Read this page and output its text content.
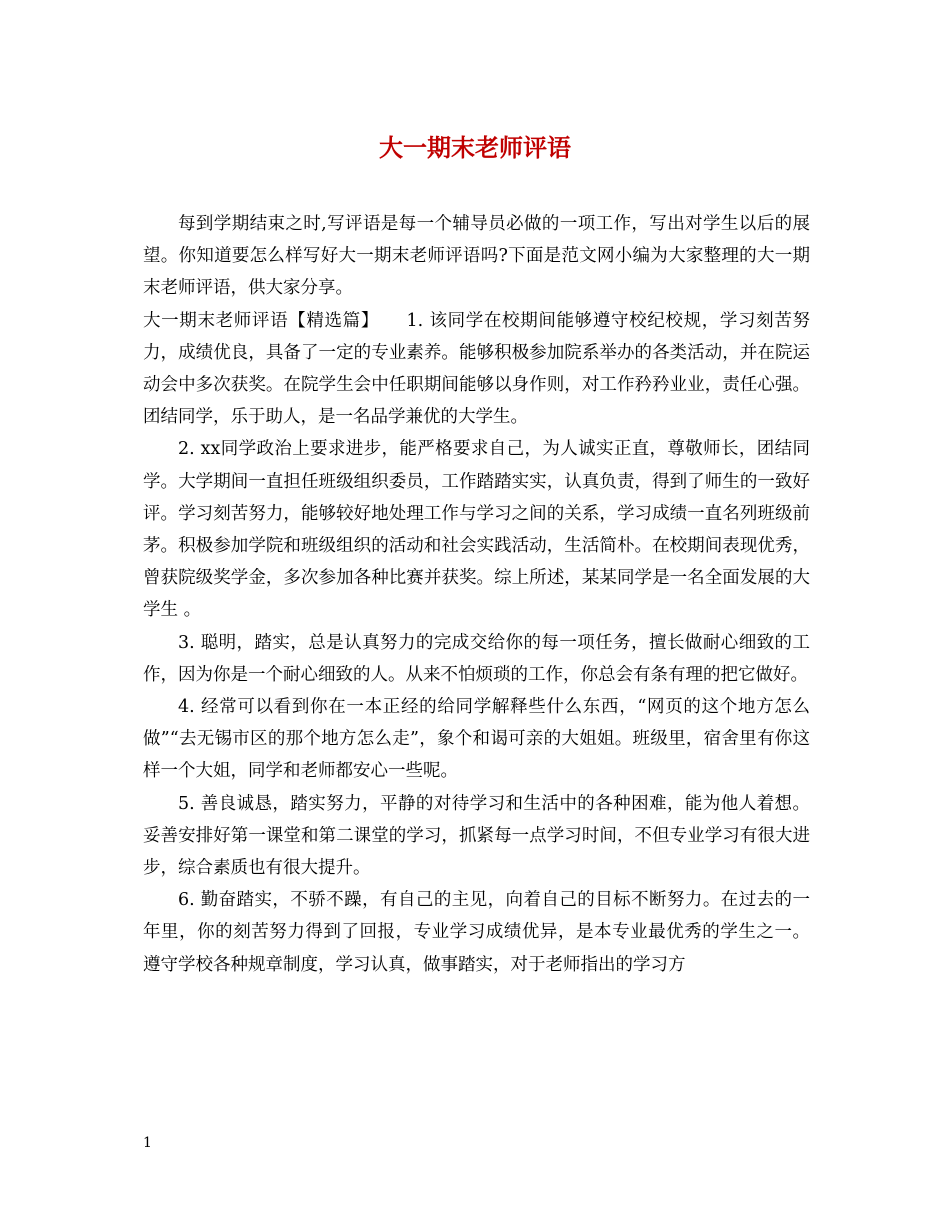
大一期末老师评语

每到学期结束之时,写评语是每一个辅导员必做的一项工作，写出对学生以后的展望。你知道要怎么样写好大一期末老师评语吗?下面是范文网小编为大家整理的大一期末老师评语，供大家分享。

大一期末老师评语【精选篇】　　1. 该同学在校期间能够遵守校纪校规，学习刻苦努力，成绩优良，具备了一定的专业素养。能够积极参加院系举办的各类活动，并在院运动会中多次获奖。在院学生会中任职期间能够以身作则，对工作矜矜业业，责任心强。团结同学，乐于助人，是一名品学兼优的大学生。

2. xx同学政治上要求进步，能严格要求自己，为人诚实正直，尊敬师长，团结同学。大学期间一直担任班级组织委员，工作踏踏实实，认真负责，得到了师生的一致好评。学习刻苦努力，能够较好地处理工作与学习之间的关系，学习成绩一直名列班级前茅。积极参加学院和班级组织的活动和社会实践活动，生活简朴。在校期间表现优秀，曾获院级奖学金，多次参加各种比赛并获奖。综上所述，某某同学是一名全面发展的大学生 。

3. 聪明，踏实，总是认真努力的完成交给你的每一项任务，擅长做耐心细致的工作，因为你是一个耐心细致的人。从来不怕烦琐的工作，你总会有条有理的把它做好。

4. 经常可以看到你在一本正经的给同学解释些什么东西，“网页的这个地方怎么做”“去无锡市区的那个地方怎么走”，象个和谒可亲的大姐姐。班级里，宿舍里有你这样一个大姐，同学和老师都安心一些呢。

5. 善良诚恳，踏实努力，平静的对待学习和生活中的各种困难，能为他人着想。妥善安排好第一课堂和第二课堂的学习，抓紧每一点学习时间，不但专业学习有很大进步，综合素质也有很大提升。

6. 勤奋踏实，不骄不躁，有自己的主见，向着自己的目标不断努力。在过去的一年里，你的刻苦努力得到了回报，专业学习成绩优异，是本专业最优秀的学生之一。 遵守学校各种规章制度，学习认真，做事踏实，对于老师指出的学习方

1
